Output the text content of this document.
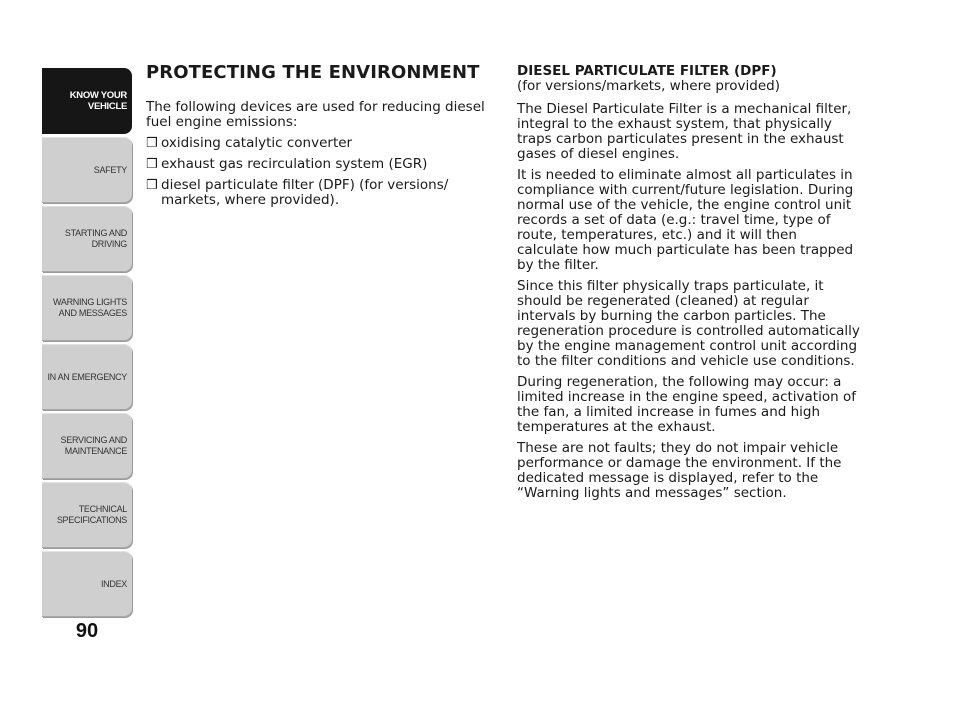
KNOW YOUR
VEHICLE
SAFETY
STARTING AND
DRIVING
WARNING LIGHTS
AND MESSAGES
IN AN EMERGENCY
SERVICING AND
MAINTENANCE
TECHNICAL
SPECIFICATIONS
INDEX
90
PROTECTING THE ENVIRONMENT

The following devices are used for reducing diesel fuel engine emissions:

❒ oxidising catalytic converter
❒ exhaust gas recirculation system (EGR)
❒ diesel particulate filter (DPF) (for versions/ markets, where provided).
DIESEL PARTICULATE FILTER (DPF)

(for versions/markets, where provided)

The Diesel Particulate Filter is a mechanical filter, integral to the exhaust system, that physically traps carbon particulates present in the exhaust gases of diesel engines.

It is needed to eliminate almost all particulates in compliance with current/future legislation. During normal use of the vehicle, the engine control unit records a set of data (e.g.: travel time, type of route, temperatures, etc.) and it will then calculate how much particulate has been trapped by the filter.

Since this filter physically traps particulate, it should be regenerated (cleaned) at regular intervals by burning the carbon particles. The regeneration procedure is controlled automatically by the engine management control unit according to the filter conditions and vehicle use conditions.

During regeneration, the following may occur: a limited increase in the engine speed, activation of the fan, a limited increase in fumes and high temperatures at the exhaust.

These are not faults; they do not impair vehicle performance or damage the environment. If the dedicated message is displayed, refer to the “Warning lights and messages” section.
